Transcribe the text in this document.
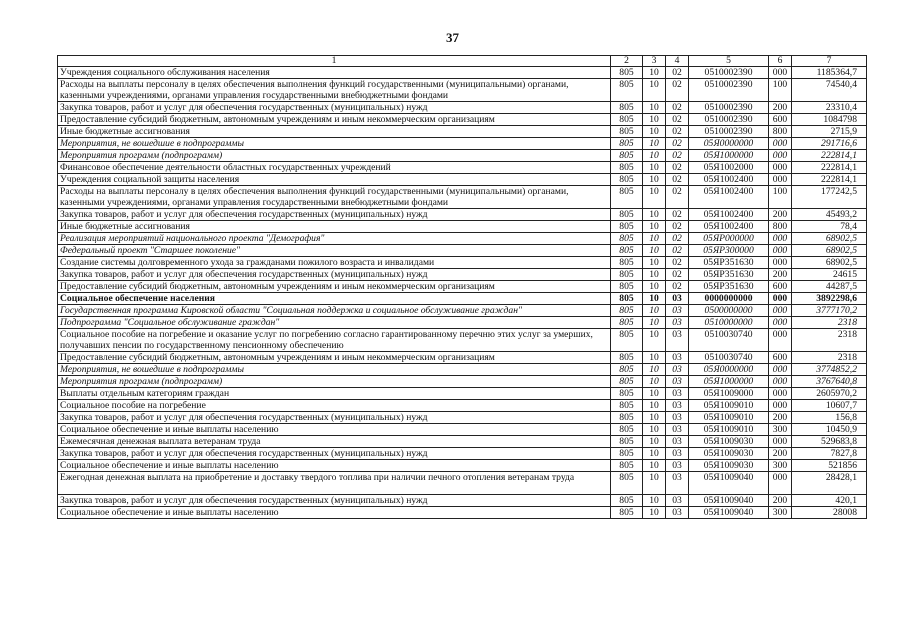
37
1	2	3	4	5	6	7
Учреждения социального обслуживания населения	805	10	02	0510002390	000	1185364,7
Расходы на выплаты персоналу в целях обеспечения выполнения функций государственными (муниципальными) органами, казенными учреждениями, органами управления государственными внебюджетными фондами	805	10	02	0510002390	100	74540,4
Закупка товаров, работ и услуг для обеспечения государственных (муниципальных) нужд	805	10	02	0510002390	200	23310,4
Предоставление субсидий бюджетным, автономным учреждениям и иным некоммерческим организациям	805	10	02	0510002390	600	1084798
Иные бюджетные ассигнования	805	10	02	0510002390	800	2715,9
Мероприятия, не вошедшие в подпрограммы	805	10	02	05Я0000000	000	291716,6
Мероприятия программ (подпрограмм)	805	10	02	05Я1000000	000	222814,1
Финансовое обеспечение деятельности областных государственных учреждений	805	10	02	05Я1002000	000	222814,1
Учреждения социальной защиты населения	805	10	02	05Я1002400	000	222814,1
Расходы на выплаты персоналу в целях обеспечения выполнения функций государственными (муниципальными) органами, казенными учреждениями, органами управления государственными внебюджетными фондами	805	10	02	05Я1002400	100	177242,5
Закупка товаров, работ и услуг для обеспечения государственных (муниципальных) нужд	805	10	02	05Я1002400	200	45493,2
Иные бюджетные ассигнования	805	10	02	05Я1002400	800	78,4
Реализация мероприятий национального проекта "Демография"	805	10	02	05ЯP000000	000	68902,5
Федеральный проект "Старшее поколение"	805	10	02	05ЯP300000	000	68902,5
Создание системы долговременного ухода за гражданами пожилого возраста и инвалидами	805	10	02	05ЯP351630	000	68902,5
Закупка товаров, работ и услуг для обеспечения государственных (муниципальных) нужд	805	10	02	05ЯP351630	200	24615
Предоставление субсидий бюджетным, автономным учреждениям и иным некоммерческим организациям	805	10	02	05ЯP351630	600	44287,5
Социальное обеспечение населения	805	10	03	0000000000	000	3892298,6
Государственная программа Кировской области "Социальная поддержка и социальное обслуживание граждан"	805	10	03	0500000000	000	3777170,2
Подпрограмма "Социальное обслуживание граждан"	805	10	03	0510000000	000	2318
Социальное пособие на погребение и оказание услуг по погребению согласно гарантированному перечню этих услуг за умерших, получавших пенсии по государственному пенсионному обеспечению	805	10	03	0510030740	000	2318
Предоставление субсидий бюджетным, автономным учреждениям и иным некоммерческим организациям	805	10	03	0510030740	600	2318
Мероприятия, не вошедшие в подпрограммы	805	10	03	05Я0000000	000	3774852,2
Мероприятия программ (подпрограмм)	805	10	03	05Я1000000	000	3767640,8
Выплаты отдельным категориям граждан	805	10	03	05Я1009000	000	2605970,2
Социальное пособие на погребение	805	10	03	05Я1009010	000	10607,7
Закупка товаров, работ и услуг для обеспечения государственных (муниципальных) нужд	805	10	03	05Я1009010	200	156,8
Социальное обеспечение и иные выплаты населению	805	10	03	05Я1009010	300	10450,9
Ежемесячная денежная выплата ветеранам труда	805	10	03	05Я1009030	000	529683,8
Закупка товаров, работ и услуг для обеспечения государственных (муниципальных) нужд	805	10	03	05Я1009030	200	7827,8
Социальное обеспечение и иные выплаты населению	805	10	03	05Я1009030	300	521856
Ежегодная денежная выплата на приобретение и доставку твердого топлива при наличии печного отопления ветеранам труда	805	10	03	05Я1009040	000	28428,1
Закупка товаров, работ и услуг для обеспечения государственных (муниципальных) нужд	805	10	03	05Я1009040	200	420,1
Социальное обеспечение и иные выплаты населению	805	10	03	05Я1009040	300	28008
